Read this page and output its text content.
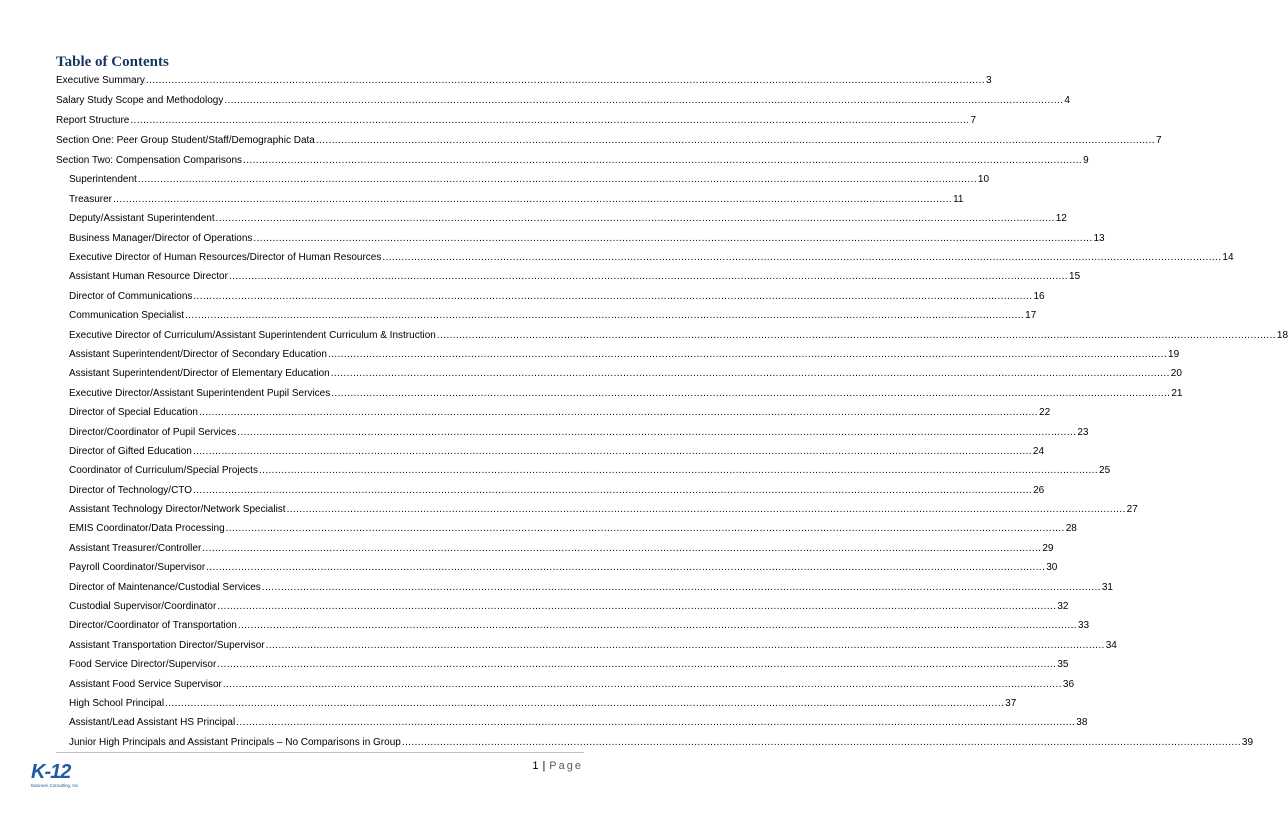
Table of Contents
Executive Summary .....	3
Salary Study Scope and Methodology .....	4
Report Structure .....	7
Section One: Peer Group Student/Staff/Demographic Data .....	7
Section Two: Compensation Comparisons .....	9
Superintendent .....	10
Treasurer .....	11
Deputy/Assistant Superintendent .....	12
Business Manager/Director of Operations .....	13
Executive Director of Human Resources/Director of Human Resources .....	14
Assistant Human Resource Director .....	15
Director of Communications .....	16
Communication Specialist .....	17
Executive Director of Curriculum/Assistant Superintendent Curriculum & Instruction .....	18
Assistant Superintendent/Director of Secondary Education .....	19
Assistant Superintendent/Director of Elementary Education .....	20
Executive Director/Assistant Superintendent Pupil Services .....	21
Director of Special Education .....	22
Director/Coordinator of Pupil Services .....	23
Director of Gifted Education .....	24
Coordinator of Curriculum/Special Projects .....	25
Director of Technology/CTO .....	26
Assistant Technology Director/Network Specialist .....	27
EMIS Coordinator/Data Processing .....	28
Assistant Treasurer/Controller .....	29
Payroll Coordinator/Supervisor .....	30
Director of Maintenance/Custodial Services .....	31
Custodial Supervisor/Coordinator .....	32
Director/Coordinator of Transportation .....	33
Assistant Transportation Director/Supervisor .....	34
Food Service Director/Supervisor .....	35
Assistant Food Service Supervisor .....	36
High School Principal .....	37
Assistant/Lead Assistant HS Principal .....	38
Junior High Principals and Assistant Principals – No Comparisons in Group .....	39
K-12
Business Consulting, Inc.
1 | Page
